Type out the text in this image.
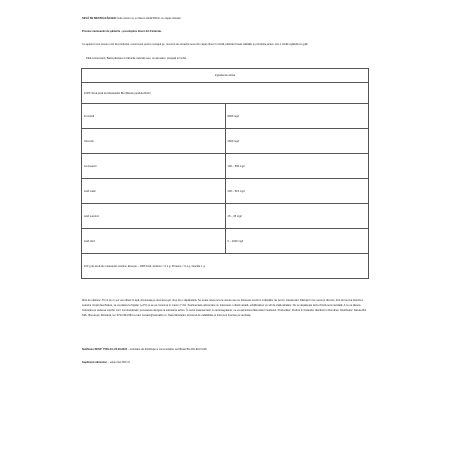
SEVĂ DE MESTEACĂN BIO Cutie carton cu un flacon sticlă 500ml, cu capac dozator.
Provine mesteacăn de pădurile - presimptive direct din Finlanda.
Cu ajutorul unui proces unic de producție, recunoscut pentru mosajul pe, nivurunt de extracție seva din capac direct în sticlă, păstrând toate calitățile și principiile active. Are o sticlă reglabilă cu grijă.
Fără conservanți. Bază păstrare în fabricile naturale sau, un atmosfer, protejați și închis.
Ingrediente active	
100% Sevă pură de Mesteacăn Bio (Betula pendula Roth)	
Fructoză	8000 mg/l
Glucoză	2500 mg/l
Aminoacizi	100 – 500 mg/l
Acid malic	230 – 515 mg/l
Acid succinic	15 – 35 mg/l
Acid citric	0 – 1000 mg/l
100 g de sevă de mesteacăn conține: Energie – 4066 Kcal; Grăsimi < 0,1 g; Proteine < 0,1 g; Glucide 1 g.	
Mod de utilizare: 70 ml pe zi, pur sau diluat în apă, dimineața pe stomacul gol, timp de o săptămână. Se poate relua cura la nevoie sau se foloseste conform indicațiilor de sezon. Atenționări: Păstrați în loc uscat și răcoros, ferit de lumina directă a soarelui. După deschidere, se va păstra la frigider (+4°C) și se va consuma în maxim 7 zile. Suplimentele alimentare nu înlocuiesc o dietă variată, echilibrată și un stil de viață sănătos. Nu se depășește doza zilnică recomandată. A nu se lăsa la îndemâna și vederea copiilor mici. Contraindicații: persoanele alergice la substanțe active. În cazul tratamentelor cu anticoagulante, se va administra fără sfatul medicului. Producător: Produs în Finlanda, distribuit în România. Distribuitor: Nature Bio SRL, București, România, tel. 0723.364.964 e-mail: contact@naturabio.ro. Data fabricației, termenul de valabilitate și lotul sunt înscrise pe ambalaj.
Notificare IN/SP: 7529 din 23.09.2024 – Activitate de distribuție a comunicărilor certificate Bio RO-ECO-026
Supliment alimentar – volum Net 500 ml
